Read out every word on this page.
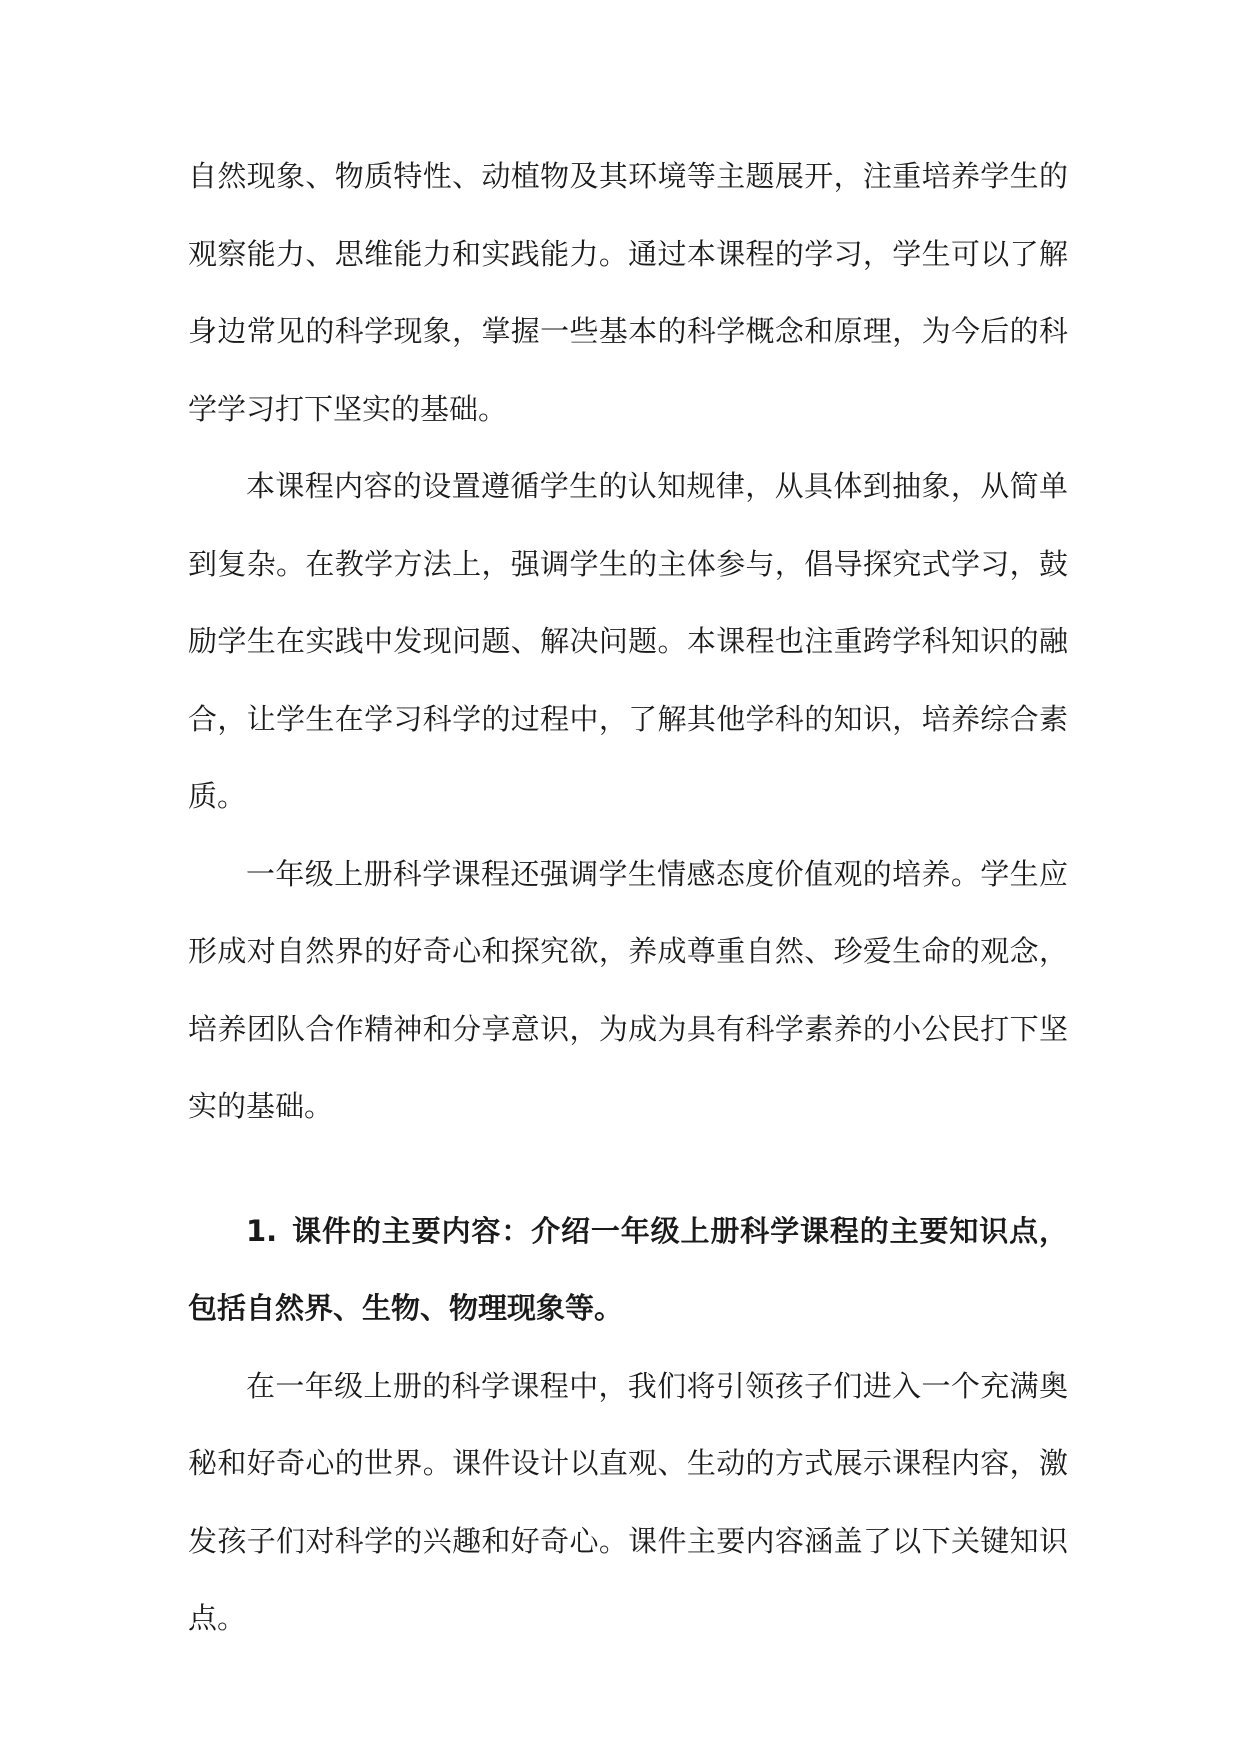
自然现象、物质特性、动植物及其环境等主题展开，注重培养学生的观察能力、思维能力和实践能力。通过本课程的学习，学生可以了解身边常见的科学现象，掌握一些基本的科学概念和原理，为今后的科学学习打下坚实的基础。

本课程内容的设置遵循学生的认知规律，从具体到抽象，从简单到复杂。在教学方法上，强调学生的主体参与，倡导探究式学习，鼓励学生在实践中发现问题、解决问题。本课程也注重跨学科知识的融合，让学生在学习科学的过程中，了解其他学科的知识，培养综合素质。

一年级上册科学课程还强调学生情感态度价值观的培养。学生应形成对自然界的好奇心和探究欲，养成尊重自然、珍爱生命的观念，培养团队合作精神和分享意识，为成为具有科学素养的小公民打下坚实的基础。

1. 课件的主要内容：介绍一年级上册科学课程的主要知识点，包括自然界、生物、物理现象等。

在一年级上册的科学课程中，我们将引领孩子们进入一个充满奥秘和好奇心的世界。课件设计以直观、生动的方式展示课程内容，激发孩子们对科学的兴趣和好奇心。课件主要内容涵盖了以下关键知识点。
